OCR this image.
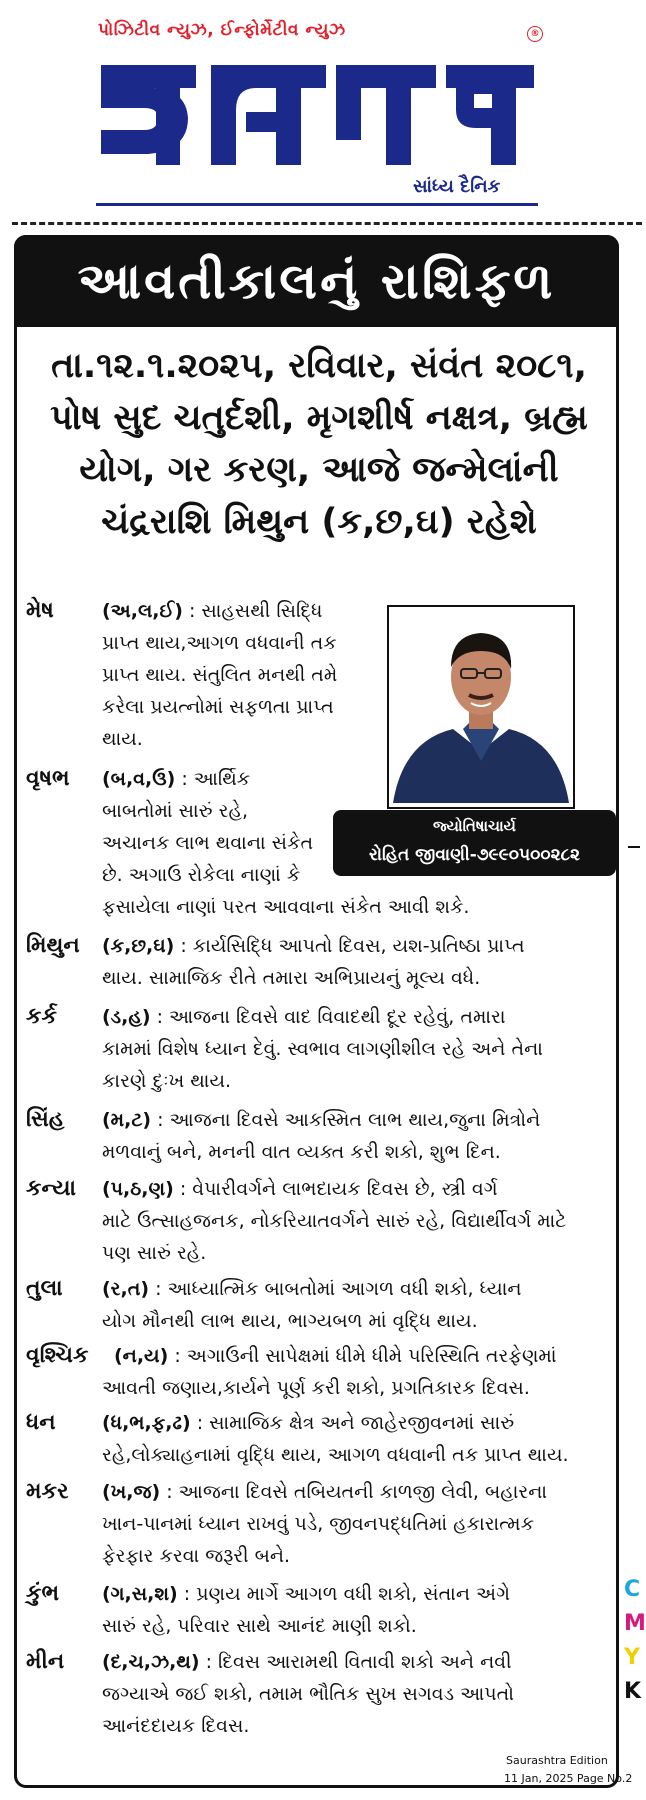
પોઝિટીવ ન્યુઝ, ઈન્ફોર્મેટીવ ન્યુઝ	®
સાંધ્ય દૈનિક
આવતીકાલનું રાશિફળ
તા.૧૨.૧.૨૦૨૫, રવિવાર, સંવંત ૨૦૮૧,
પોષ સુદ ચતુર્દશી, મૃગશીર્ષ નક્ષત્ર, બ્રહ્મ
યોગ, ગર કરણ, આજે જન્મેલાંની
ચંદ્રરાશિ મિથુન (ક,છ,ઘ) રહેશે
જ્યોતિષાચાર્ય
રોહિત જીવાણી-૭૯૯૦૫૦૦૨૮૨
મેષ	(અ,લ,ઈ) : સાહસથી સિદ્ધિ
પ્રાપ્ત થાય,આગળ વધવાની તક
પ્રાપ્ત થાય. સંતુલિત મનથી તમે
કરેલા પ્રયત્નોમાં સફળતા પ્રાપ્ત
થાય.
વૃષભ (બ,વ,ઉ) : આર્થિક
બાબતોમાં સારું રહે,
અચાનક લાભ થવાના સંકેત
છે. અગાઉ રોકેલા નાણાં કે
ફસાયેલા નાણાં પરત આવવાના સંકેત આવી શકે.
મિથુન (ક,છ,ઘ) : કાર્યસિદ્ધિ આપતો દિવસ, યશ-પ્રતિષ્ઠા પ્રાપ્ત
થાય. સામાજિક રીતે તમારા અભિપ્રાયનું મૂલ્ય વધે.
કર્ક (ડ,હ) : આજના દિવસે વાદ વિવાદથી દૂર રહેવું, તમારા
કામમાં વિશેષ ધ્યાન દેવું. સ્વભાવ લાગણીશીલ રહે અને તેના
કારણે દુઃખ થાય.
સિંહ (મ,ટ) : આજના દિવસે આકસ્મિત લાભ થાય,જુના મિત્રોને
મળવાનું બને, મનની વાત વ્યક્ત કરી શકો, શુભ દિન.
કન્યા (પ,ઠ,ણ) : વેપારીવર્ગને લાભદાયક દિવસ છે, સ્ત્રી વર્ગ
માટે ઉત્સાહજનક, નોકરિયાતવર્ગને સારું રહે, વિદ્યાર્થીવર્ગ માટે
પણ સારું રહે.
તુલા (ર,ત) : આધ્યાત્મિક બાબતોમાં આગળ વધી શકો, ધ્યાન
યોગ મૌનથી લાભ થાય, ભાગ્યબળ માં વૃદ્ધિ થાય.
વૃશ્ચિક (ન,ય) : અગાઉની સાપેક્ષમાં ધીમે ધીમે પરિસ્થિતિ તરફેણમાં
આવતી જણાય,કાર્યને પૂર્ણ કરી શકો, પ્રગતિકારક દિવસ.
ધન (ધ,ભ,ફ,ઢ) : સામાજિક ક્ષેત્ર અને જાહેરજીવનમાં સારું
રહે,લોક્યાહનામાં વૃદ્ધિ થાય, આગળ વધવાની તક પ્રાપ્ત થાય.
મકર (ખ,જ) : આજના દિવસે તબિયતની કાળજી લેવી, બહારના
ખાન-પાનમાં ધ્યાન રાખવું પડે, જીવનપદ્ધતિમાં હકારાત્મક
ફેરફાર કરવા જરૂરી બને.
કુંભ (ગ,સ,શ) : પ્રણય માર્ગે આગળ વધી શકો, સંતાન અંગે
સારું રહે, પરિવાર સાથે આનંદ માણી શકો.
મીન (દ,ચ,ઝ,થ) : દિવસ આરામથી વિતાવી શકો અને નવી
જગ્યાએ જઈ શકો, તમામ ભૌતિક સુખ સગવડ આપતો
આનંદદાયક દિવસ.
C
M
Y
K
Saurashtra Edition
11 Jan, 2025 Page No.2
